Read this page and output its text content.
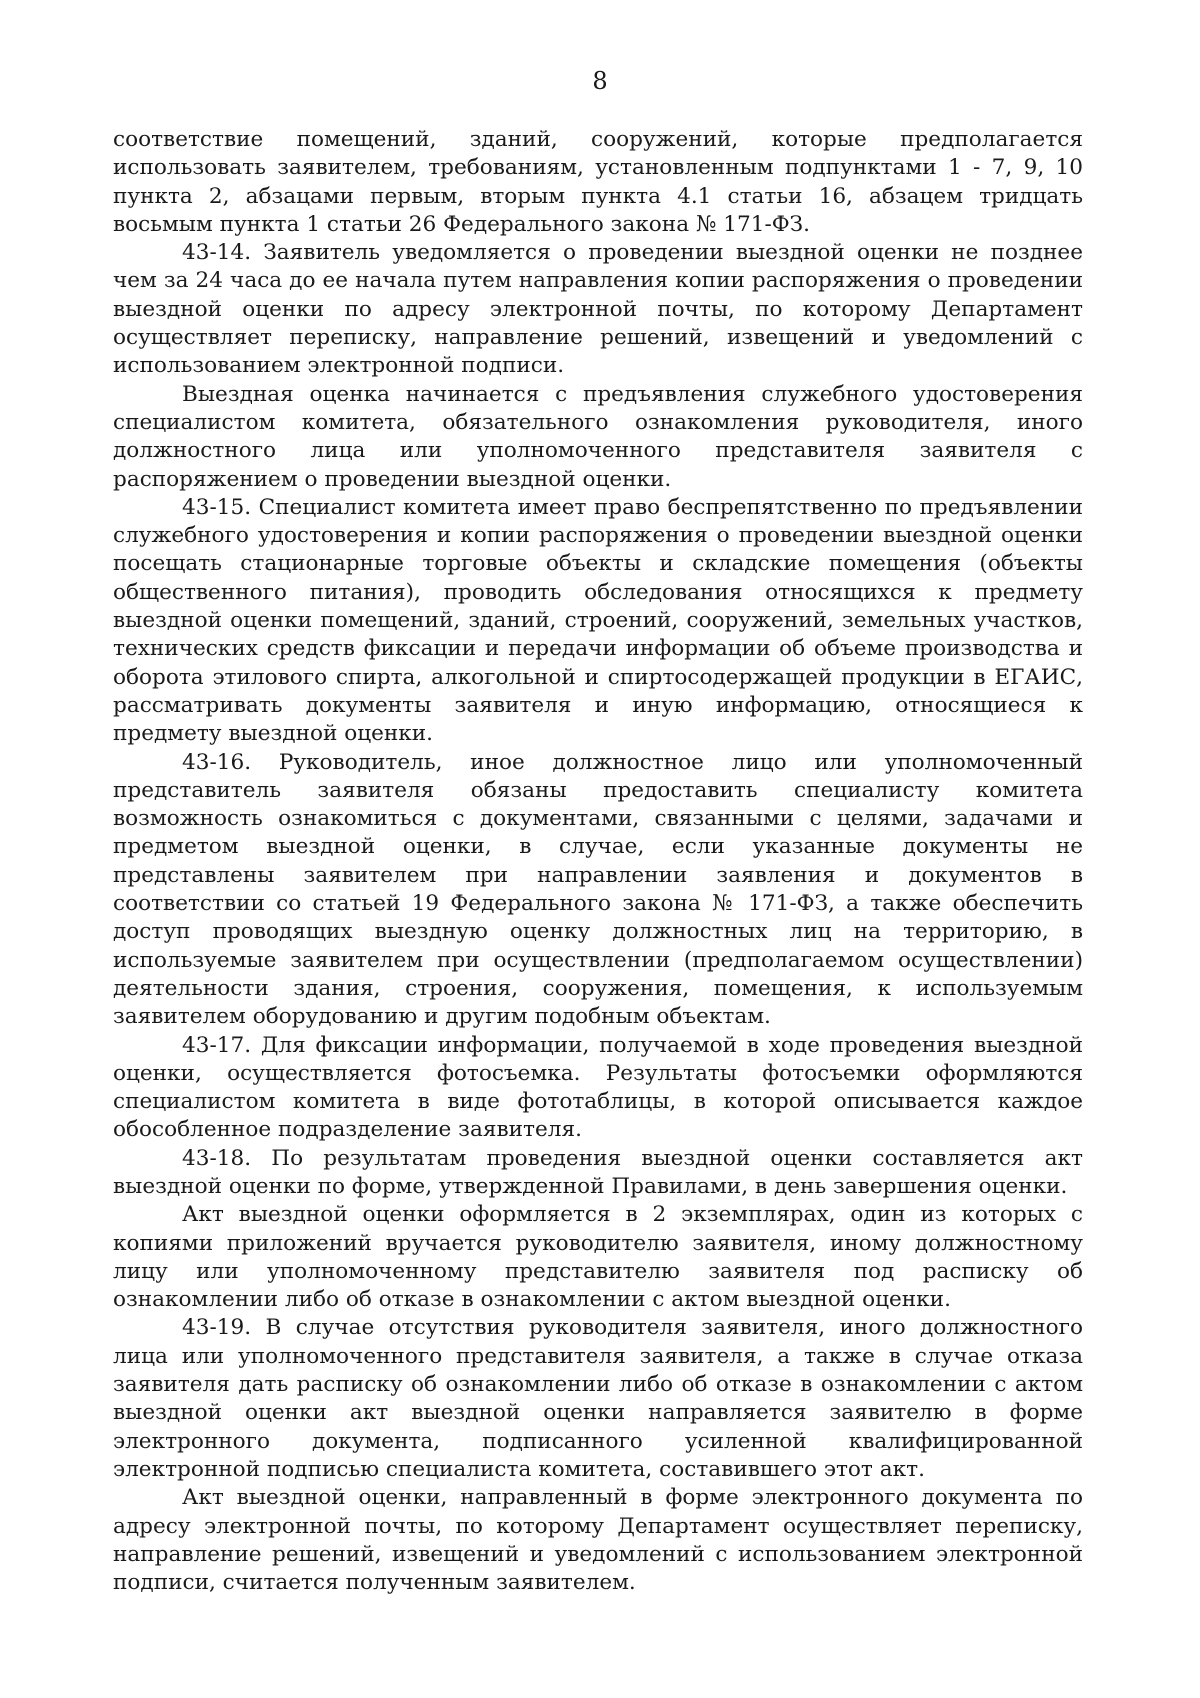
8

соответствие помещений, зданий, сооружений, которые предполагается использовать заявителем, требованиям, установленным подпунктами 1 - 7, 9, 10 пункта 2, абзацами первым, вторым пункта 4.1 статьи 16, абзацем тридцать восьмым пункта 1 статьи 26 Федерального закона № 171-ФЗ.

43-14. Заявитель уведомляется о проведении выездной оценки не позднее чем за 24 часа до ее начала путем направления копии распоряжения о проведении выездной оценки по адресу электронной почты, по которому Департамент осуществляет переписку, направление решений, извещений и уведомлений с использованием электронной подписи.

Выездная оценка начинается с предъявления служебного удостоверения специалистом комитета, обязательного ознакомления руководителя, иного должностного лица или уполномоченного представителя заявителя с распоряжением о проведении выездной оценки.

43-15. Специалист комитета имеет право беспрепятственно по предъявлении служебного удостоверения и копии распоряжения о проведении выездной оценки посещать стационарные торговые объекты и складские помещения (объекты общественного питания), проводить обследования относящихся к предмету выездной оценки помещений, зданий, строений, сооружений, земельных участков, технических средств фиксации и передачи информации об объеме производства и оборота этилового спирта, алкогольной и спиртосодержащей продукции в ЕГАИС, рассматривать документы заявителя и иную информацию, относящиеся к предмету выездной оценки.

43-16. Руководитель, иное должностное лицо или уполномоченный представитель заявителя обязаны предоставить специалисту комитета возможность ознакомиться с документами, связанными с целями, задачами и предметом выездной оценки, в случае, если указанные документы не представлены заявителем при направлении заявления и документов в соответствии со статьей 19 Федерального закона № 171-ФЗ, а также обеспечить доступ проводящих выездную оценку должностных лиц на территорию, в используемые заявителем при осуществлении (предполагаемом осуществлении) деятельности здания, строения, сооружения, помещения, к используемым заявителем оборудованию и другим подобным объектам.

43-17. Для фиксации информации, получаемой в ходе проведения выездной оценки, осуществляется фотосъемка. Результаты фотосъемки оформляются специалистом комитета в виде фототаблицы, в которой описывается каждое обособленное подразделение заявителя.

43-18. По результатам проведения выездной оценки составляется акт выездной оценки по форме, утвержденной Правилами, в день завершения оценки.

Акт выездной оценки оформляется в 2 экземплярах, один из которых с копиями приложений вручается руководителю заявителя, иному должностному лицу или уполномоченному представителю заявителя под расписку об ознакомлении либо об отказе в ознакомлении с актом выездной оценки.

43-19. В случае отсутствия руководителя заявителя, иного должностного лица или уполномоченного представителя заявителя, а также в случае отказа заявителя дать расписку об ознакомлении либо об отказе в ознакомлении с актом выездной оценки акт выездной оценки направляется заявителю в форме электронного документа, подписанного усиленной квалифицированной электронной подписью специалиста комитета, составившего этот акт.

Акт выездной оценки, направленный в форме электронного документа по адресу электронной почты, по которому Департамент осуществляет переписку, направление решений, извещений и уведомлений с использованием электронной подписи, считается полученным заявителем.
